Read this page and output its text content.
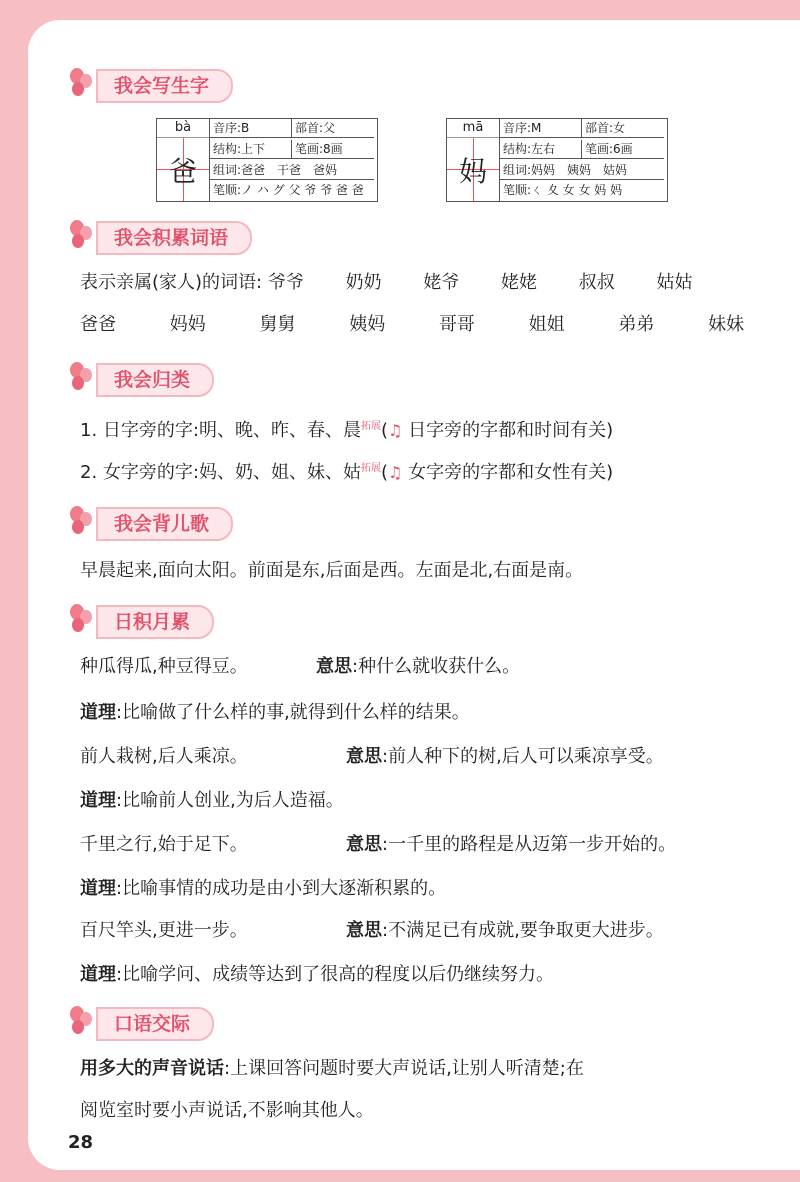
我会写生字
bà
爸
音序:B	部首:父
结构:上下	笔画:8画
组词:爸爸　干爸　爸妈
笔顺:ノ ハ グ 父 爷 爷 爸 爸
mā
妈
音序:M	部首:女
结构:左右	笔画:6画
组词:妈妈　姨妈　姑妈
笔顺:ㄑ 夊 女 女 妈 妈
我会积累词语
表示亲属(家人)的词语: 爷爷 奶奶 姥爷 姥姥 叔叔 姑姑
爸爸	妈妈	舅舅	姨妈	哥哥	姐姐	弟弟	妹妹
我会归类
1. 日字旁的字:明、晚、昨、春、晨$^{拓展}$(♫ 日字旁的字都和时间有关)
2. 女字旁的字:妈、奶、姐、妹、姑$^{拓展}$(♫ 女字旁的字都和女性有关)
我会背儿歌
早晨起来,面向太阳。前面是东,后面是西。左面是北,右面是南。
日积月累
种瓜得瓜,种豆得豆。	意思:种什么就收获什么。
道理:比喻做了什么样的事,就得到什么样的结果。
前人栽树,后人乘凉。	意思:前人种下的树,后人可以乘凉享受。
道理:比喻前人创业,为后人造福。
千里之行,始于足下。	意思:一千里的路程是从迈第一步开始的。
道理:比喻事情的成功是由小到大逐渐积累的。
百尺竿头,更进一步。	意思:不满足已有成就,要争取更大进步。
道理:比喻学问、成绩等达到了很高的程度以后仍继续努力。
口语交际
用多大的声音说话:上课回答问题时要大声说话,让别人听清楚;在
阅览室时要小声说话,不影响其他人。
28
